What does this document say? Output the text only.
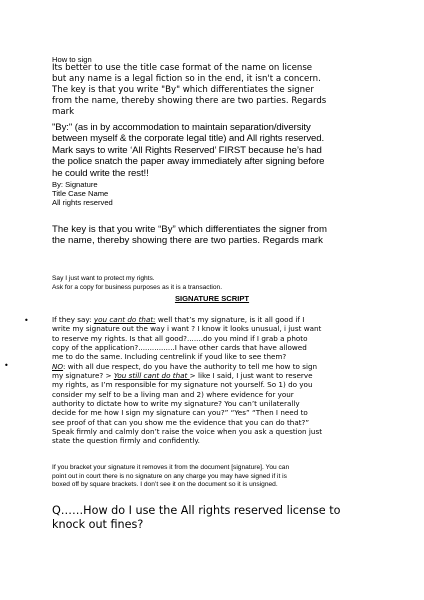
How to sign

Its better to use the title case format of the name on license
but any name is a legal fiction so in the end, it isn't a concern.
The key is that you write "By" which differentiates the signer
from the name, thereby showing there are two parties. Regards
mark
"By:" (as in by accommodation to maintain separation/diversity
between myself & the corporate legal title) and All rights reserved.
Mark says to write ‘All Rights Reserved’ FIRST because he’s had
the police snatch the paper away immediately after signing before
he could write the rest!!
By: Signature
Title Case Name
All rights reserved
The key is that you write “By” which differentiates the signer from
the name, thereby showing there are two parties. Regards mark
Say I just want to protect my rights.
Ask for a copy for business purposes as it is a transaction.
SIGNATURE SCRIPT
•
•
If they say: you cant do that: well that’s my signature, is it all good if I
write my signature out the way i want ? I know it looks unusual, i just want
to reserve my rights. Is that all good?.......do you mind if I grab a photo
copy of the application?................I have other cards that have allowed
me to do the same. Including centrelink if youd like to see them?
NO: with all due respect, do you have the authority to tell me how to sign
my signature? > You still cant do that > like I said, I just want to reserve
my rights, as I’m responsible for my signature not yourself. So 1) do you
consider my self to be a living man and 2) where evidence for your
authority to dictate how to write my signature? You can’t unilaterally
decide for me how I sign my signature can you?” “Yes” “Then I need to
see proof of that can you show me the evidence that you can do that?”
Speak firmly and calmly don’t raise the voice when you ask a question just
state the question firmly and confidently.
If you bracket your signature it removes it from the document [signature]. You can
point out in court there is no signature on any charge you may have signed if it is
boxed off by square brackets. I don’t see it on the document so it is unsigned.
Q……How do I use the All rights reserved license to
knock out fines?
